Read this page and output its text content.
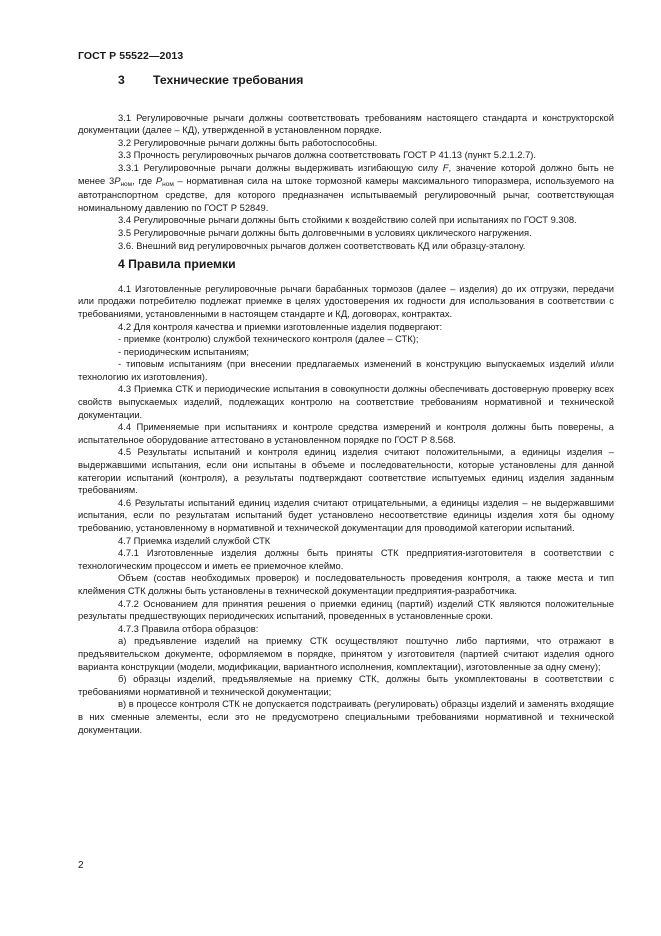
ГОСТ Р 55522—2013
3	Технические требования

3.1 Регулировочные рычаги должны соответствовать требованиям настоящего стандарта и конструкторской документации (далее – КД), утвержденной в установленном порядке.

3.2 Регулировочные рычаги должны быть работоспособны.

3.3 Прочность регулировочных рычагов должна соответствовать ГОСТ Р 41.13 (пункт 5.2.1.2.7).

3.3.1 Регулировочные рычаги должны выдерживать изгибающую силу F, значение которой должно быть не менее $3P_{ном}$, где $P_{ном}$ – нормативная сила на штоке тормозной камеры максимального типоразмера, используемого на автотранспортном средстве, для которого предназначен испытываемый регулировочный рычаг, соответствующая номинальному давлению по ГОСТ Р 52849.

3.4 Регулировочные рычаги должны быть стойкими к воздействию солей при испытаниях по ГОСТ 9.308.

3.5 Регулировочные рычаги должны быть долговечными в условиях циклического нагружения.

3.6. Внешний вид регулировочных рычагов должен соответствовать КД или образцу-эталону.

4 Правила приемки

4.1 Изготовленные регулировочные рычаги барабанных тормозов (далее – изделия) до их отгрузки, передачи или продажи потребителю подлежат приемке в целях удостоверения их годности для использования в соответствии с требованиями, установленными в настоящем стандарте и КД, договорах, контрактах.

4.2 Для контроля качества и приемки изготовленные изделия подвергают:

- приемке (контролю) службой технического контроля (далее – СТК);

- периодическим испытаниям;

- типовым испытаниям (при внесении предлагаемых изменений в конструкцию выпускаемых изделий и/или технологию их изготовления).

4.3 Приемка СТК и периодические испытания в совокупности должны обеспечивать достоверную проверку всех свойств выпускаемых изделий, подлежащих контролю на соответствие требованиям нормативной и технической документации.

4.4 Применяемые при испытаниях и контроле средства измерений и контроля должны быть поверены, а испытательное оборудование аттестовано в установленном порядке по ГОСТ Р 8.568.

4.5 Результаты испытаний и контроля единиц изделия считают положительными, а единицы изделия – выдержавшими испытания, если они испытаны в объеме и последовательности, которые установлены для данной категории испытаний (контроля), а результаты подтверждают соответствие испытуемых единиц изделия заданным требованиям.

4.6 Результаты испытаний единиц изделия считают отрицательными, а единицы изделия – не выдержавшими испытания, если по результатам испытаний будет установлено несоответствие единицы изделия хотя бы одному требованию, установленному в нормативной и технической документации для проводимой категории испытаний.

4.7 Приемка изделий службой СТК

4.7.1 Изготовленные изделия должны быть приняты СТК предприятия-изготовителя в соответствии с технологическим процессом и иметь ее приемочное клеймо.

Объем (состав необходимых проверок) и последовательность проведения контроля, а также места и тип клеймения СТК должны быть установлены в технической документации предприятия-разработчика.

4.7.2 Основанием для принятия решения о приемки единиц (партий) изделий СТК являются положительные результаты предшествующих периодических испытаний, проведенных в установленные сроки.

4.7.3 Правила отбора образцов:

а) предъявление изделий на приемку СТК осуществляют поштучно либо партиями, что отражают в предъявительском документе, оформляемом в порядке, принятом у изготовителя (партией считают изделия одного варианта конструкции (модели, модификации, вариантного исполнения, комплектации), изготовленные за одну смену);

б) образцы изделий, предъявляемые на приемку СТК, должны быть укомплектованы в соответствии с требованиями нормативной и технической документации;

в) в процессе контроля СТК не допускается подстраивать (регулировать) образцы изделий и заменять входящие в них сменные элементы, если это не предусмотрено специальными требованиями нормативной и технической документации.

2
